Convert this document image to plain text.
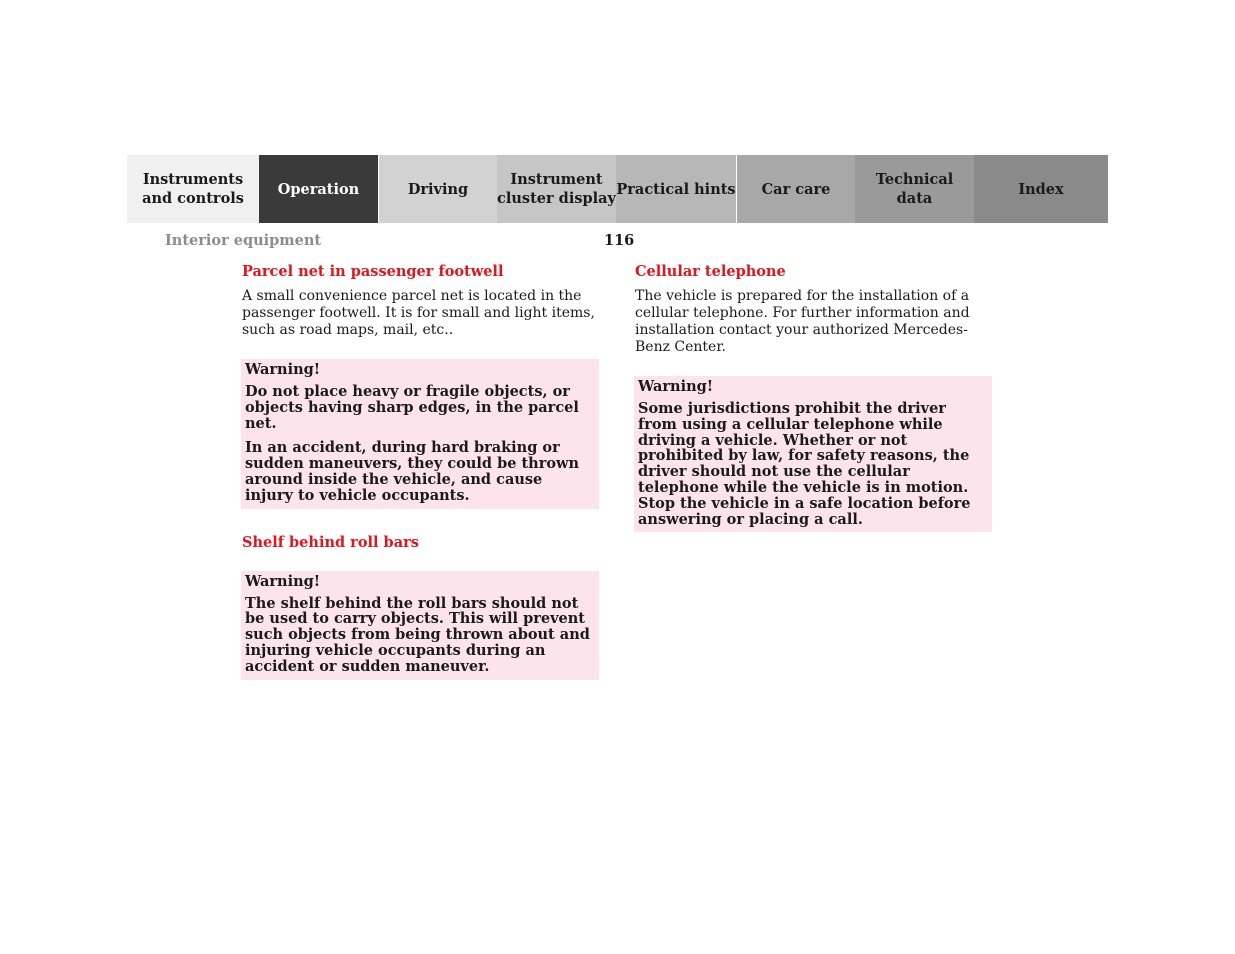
Instruments
and controls
Operation	Driving
Instrument
cluster display
Practical hints	Car care
Technical
data
Index
Interior equipment	116
Parcel net in passenger footwell
A small convenience parcel net is located in the passenger footwell. It is for small and light items, such as road maps, mail, etc..
Warning!
Do not place heavy or fragile objects, or objects having sharp edges, in the parcel net.
In an accident, during hard braking or sudden maneuvers, they could be thrown around inside the vehicle, and cause injury to vehicle occupants.
Shelf behind roll bars
Warning!
The shelf behind the roll bars should not be used to carry objects. This will prevent such objects from being thrown about and injuring vehicle occupants during an accident or sudden maneuver.
Cellular telephone
The vehicle is prepared for the installation of a cellular telephone. For further information and installation contact your authorized Mercedes-Benz Center.
Warning!
Some jurisdictions prohibit the driver from using a cellular telephone while driving a vehicle. Whether or not prohibited by law, for safety reasons, the driver should not use the cellular telephone while the vehicle is in motion. Stop the vehicle in a safe location before answering or placing a call.
